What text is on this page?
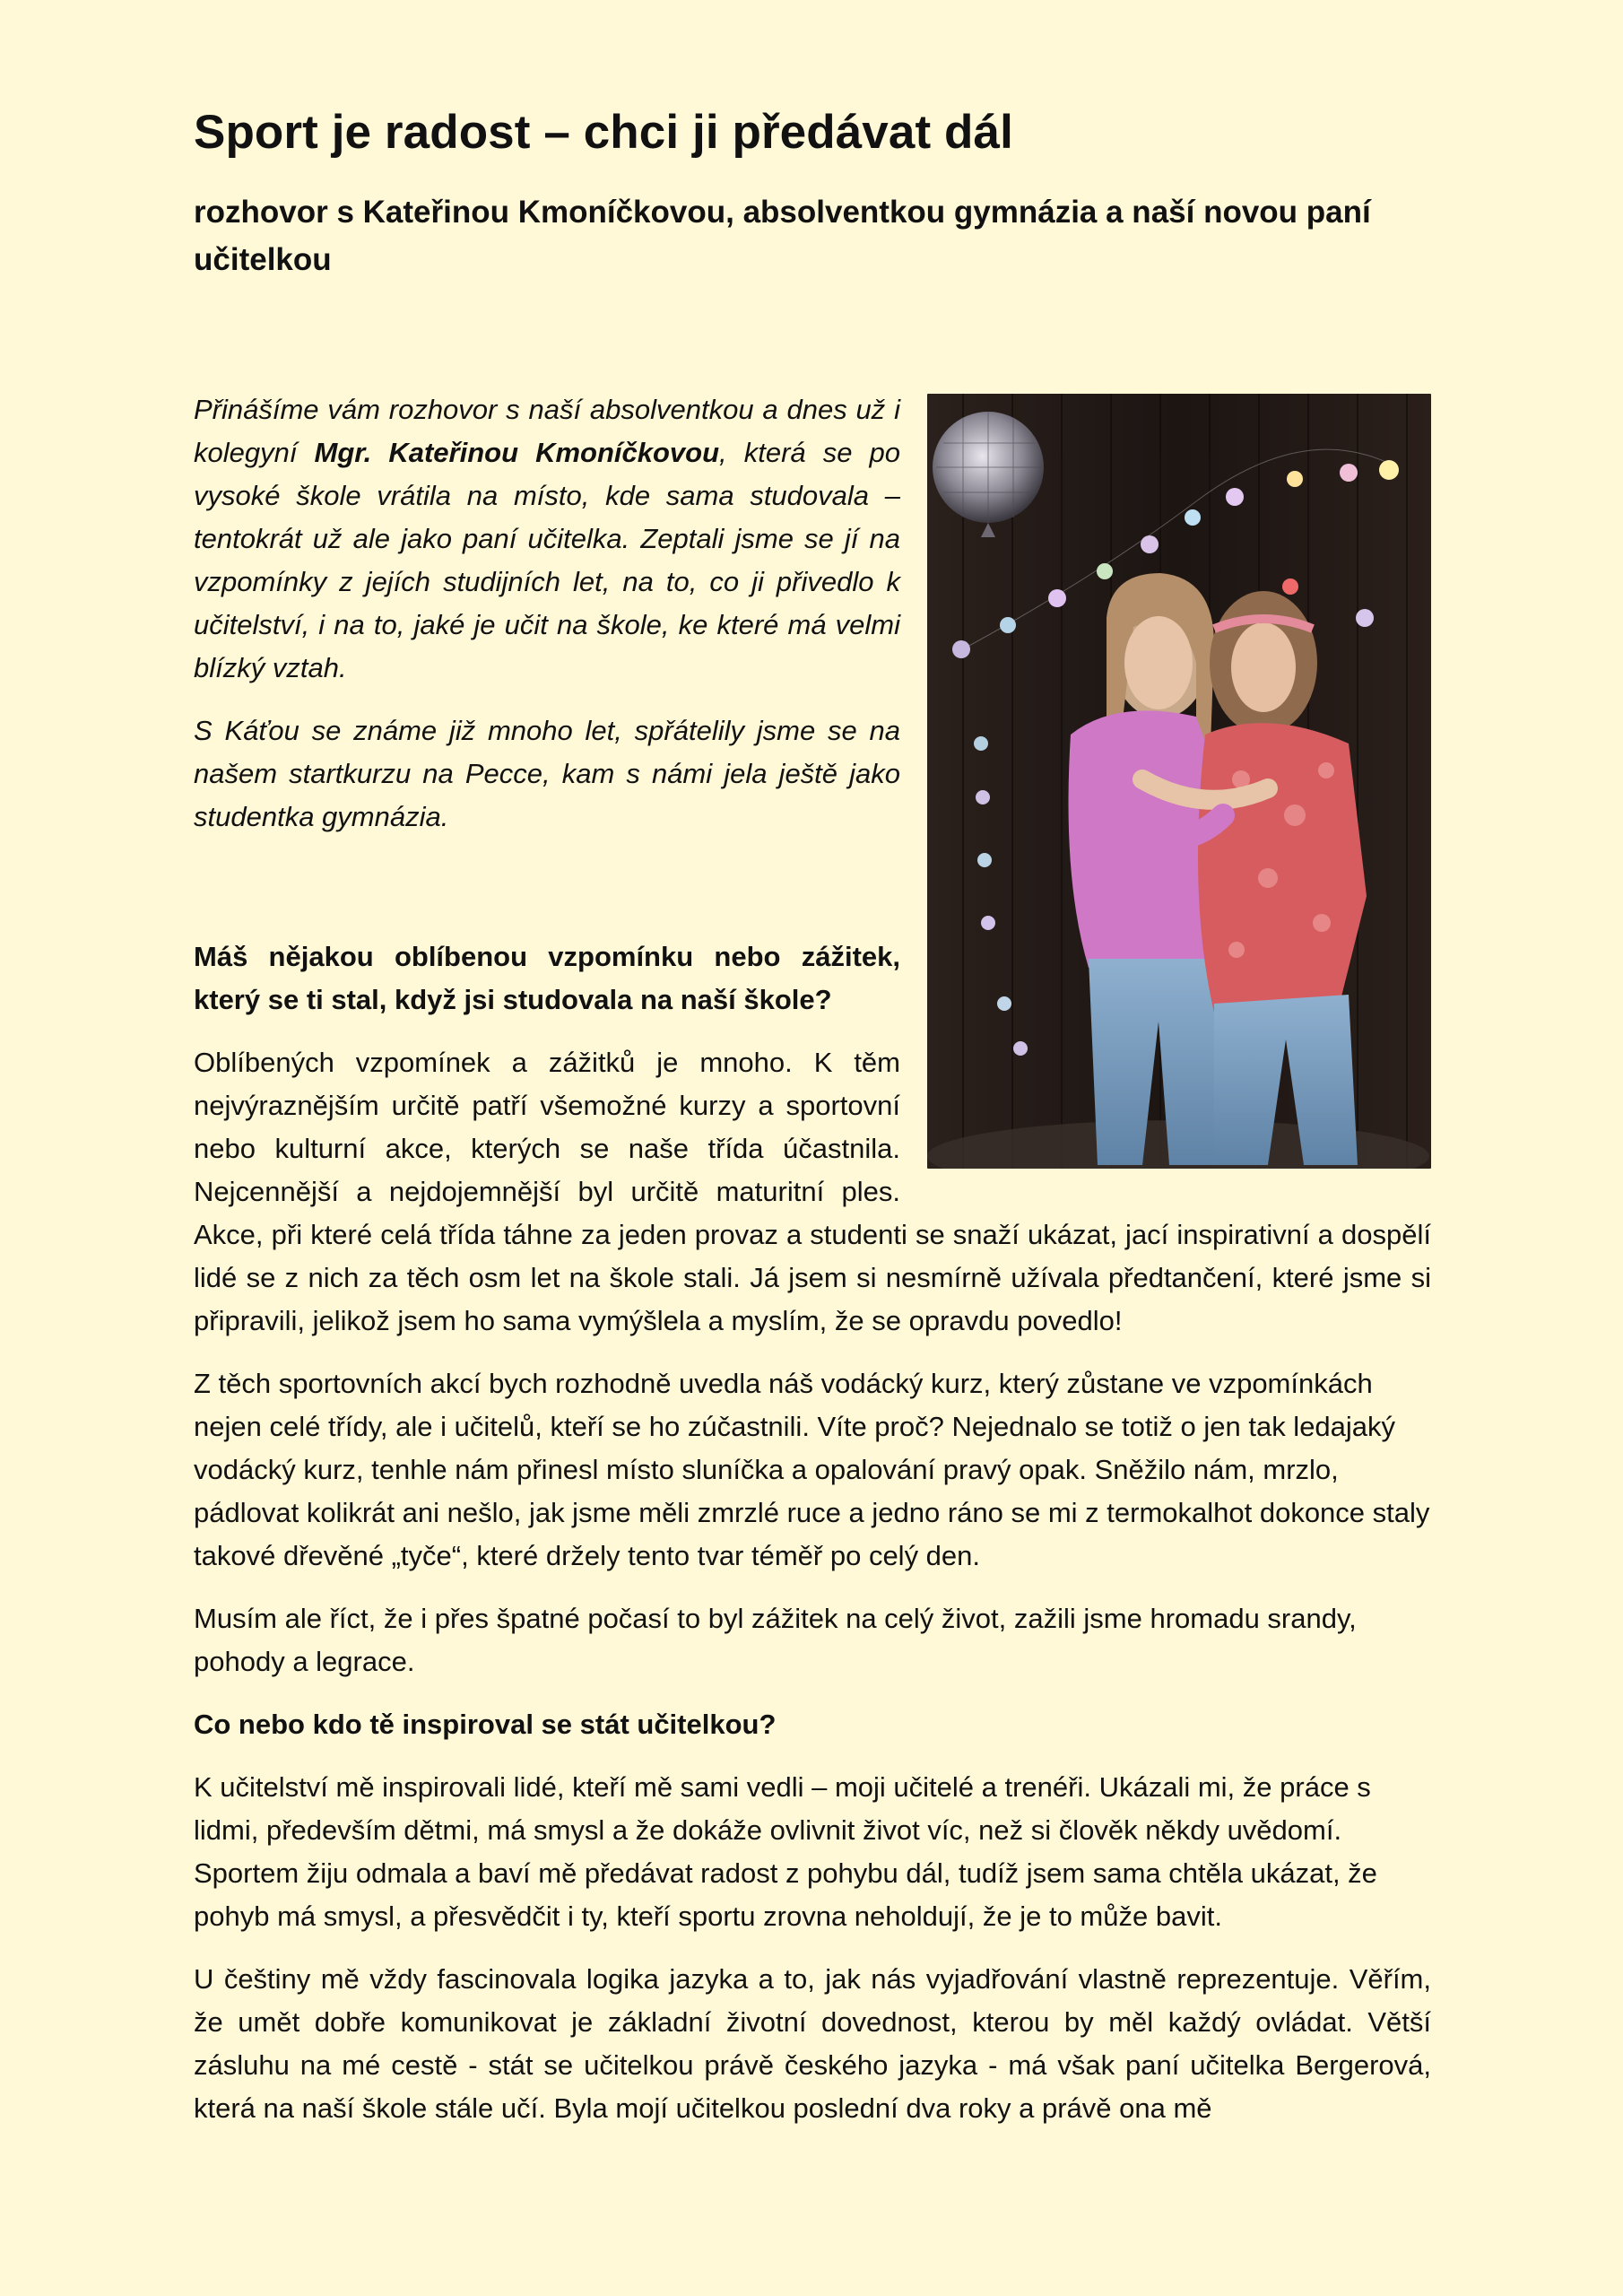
Sport je radost – chci ji předávat dál
rozhovor s Kateřinou Kmoníčkovou, absolventkou gymnázia a naší novou paní učitelkou

Přinášíme vám rozhovor s naší absolventkou a dnes už i kolegyní Mgr. Kateřinou Kmoníčkovou, která se po vysoké škole vrátila na místo, kde sama studovala – tentokrát už ale jako paní učitelka. Zeptali jsme se jí na vzpomínky z jejích studijních let, na to, co ji přivedlo k učitelství, i na to, jaké je učit na škole, ke které má velmi blízký vztah.

S Káťou se známe již mnoho let, spřátelily jsme se na našem startkurzu na Pecce, kam s námi jela ještě jako studentka gymnázia.

Máš nějakou oblíbenou vzpomínku nebo zážitek, který se ti stal, když jsi studovala na naší škole?

Oblíbených vzpomínek a zážitků je mnoho. K těm nejvýraznějším určitě patří všemožné kurzy a sportovní nebo kulturní akce, kterých se naše třída účastnila. Nejcennější a nejdojemnější byl určitě maturitní ples. Akce, při které celá třída táhne za jeden provaz a studenti se snaží ukázat, jací inspirativní a dospělí lidé se z nich za těch osm let na škole stali. Já jsem si nesmírně užívala předtančení, které jsme si připravili, jelikož jsem ho sama vymýšlela a myslím, že se opravdu povedlo!

Z těch sportovních akcí bych rozhodně uvedla náš vodácký kurz, který zůstane ve vzpomínkách nejen celé třídy, ale i učitelů, kteří se ho zúčastnili. Víte proč? Nejednalo se totiž o jen tak ledajaký vodácký kurz, tenhle nám přinesl místo sluníčka a opalování pravý opak. Sněžilo nám, mrzlo, pádlovat kolikrát ani nešlo, jak jsme měli zmrzlé ruce a jedno ráno se mi z termokalhot dokonce staly takové dřevěné „tyče“, které držely tento tvar téměř po celý den.

Musím ale říct, že i přes špatné počasí to byl zážitek na celý život, zažili jsme hromadu srandy, pohody a legrace.

Co nebo kdo tě inspiroval se stát učitelkou?

K učitelství mě inspirovali lidé, kteří mě sami vedli – moji učitelé a trenéři. Ukázali mi, že práce s lidmi, především dětmi, má smysl a že dokáže ovlivnit život víc, než si člověk někdy uvědomí. Sportem žiju odmala a baví mě předávat radost z pohybu dál, tudíž jsem sama chtěla ukázat, že pohyb má smysl, a přesvědčit i ty, kteří sportu zrovna neholdují, že je to může bavit.

U češtiny mě vždy fascinovala logika jazyka a to, jak nás vyjadřování vlastně reprezentuje. Věřím, že umět dobře komunikovat je základní životní dovednost, kterou by měl každý ovládat. Větší zásluhu na mé cestě - stát se učitelkou právě českého jazyka - má však paní učitelka Bergerová, která na naší škole stále učí. Byla mojí učitelkou poslední dva roky a právě ona mě
